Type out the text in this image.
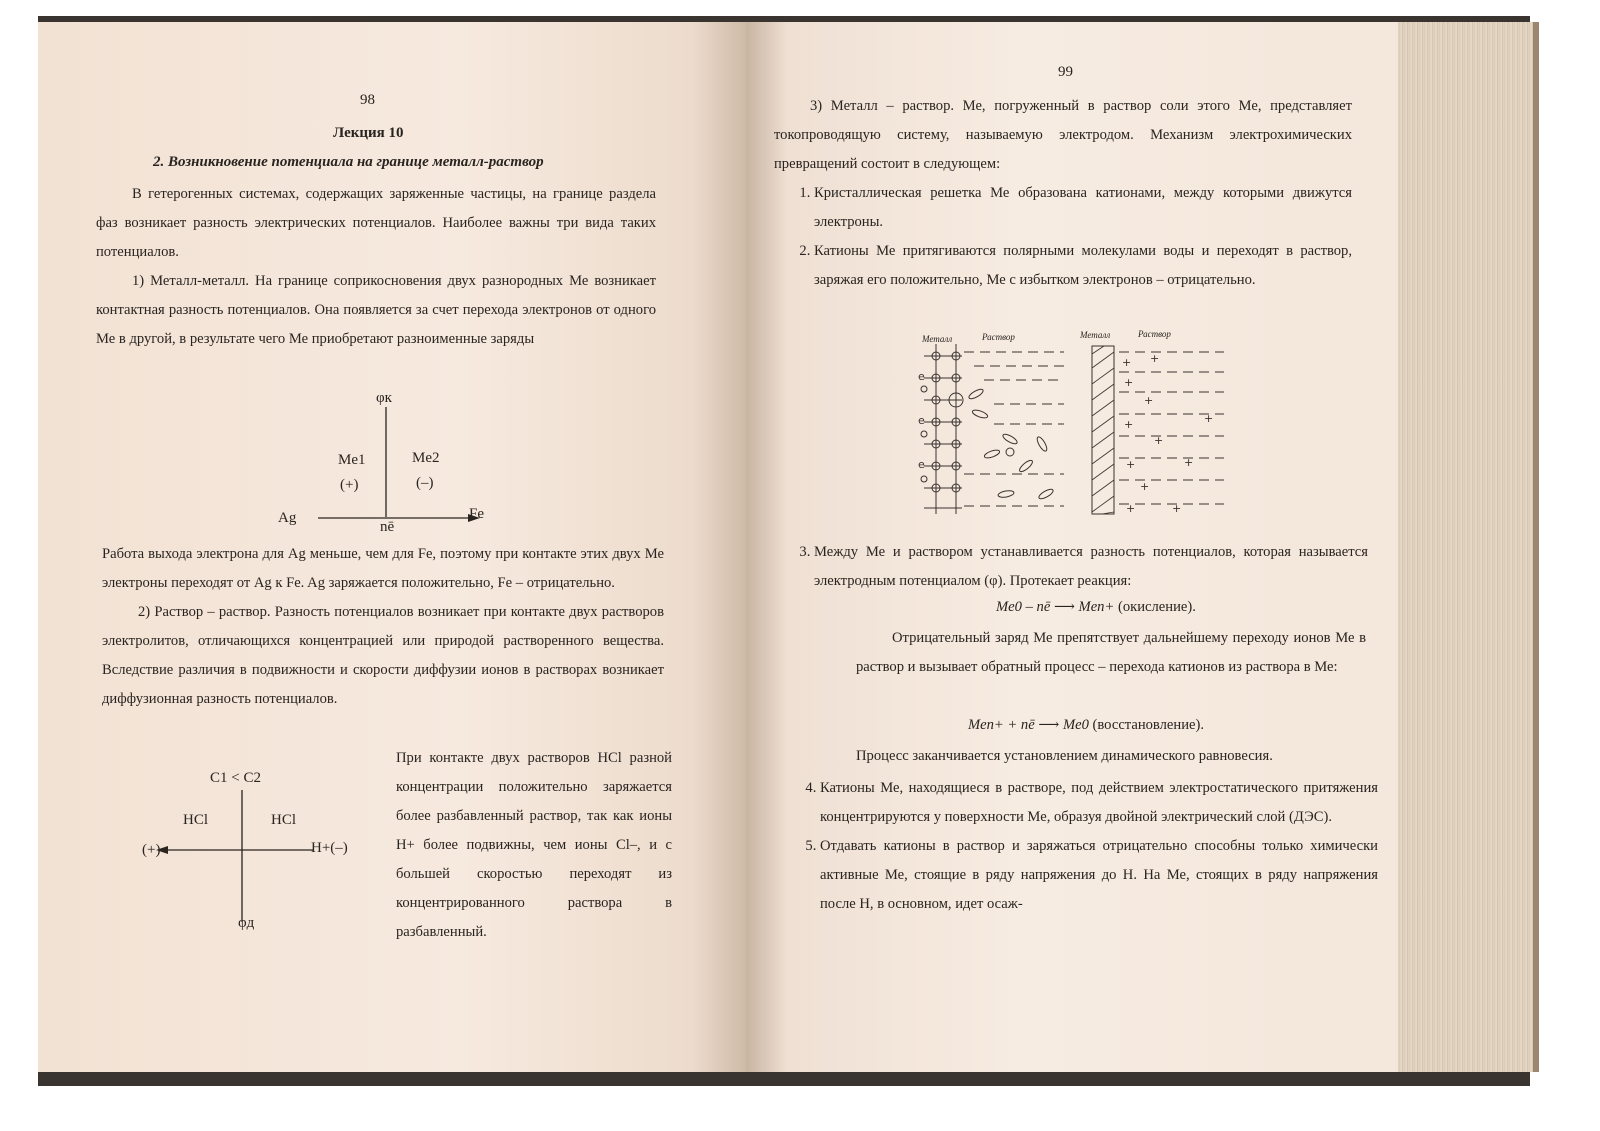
98
Лекция 10
2. Возникновение потенциала на границе металл-раствор

В гетерогенных системах, содержащих заряженные частицы, на границе раздела фаз возникает разность электрических потенциалов. Наиболее важны три вида таких потенциалов.

1) Металл-металл. На границе соприкосновения двух разнородных Ме возникает контактная разность потенциалов. Она появляется за счет перехода электронов от одного Ме в другой, в результате чего Ме приобретают разноименные заряды

φк
Me1
(+)
Me2
(–)
Ag	Fe
nē

Работа выхода электрона для Ag меньше, чем для Fe, поэтому при контакте этих двух Ме электроны переходят от Ag к Fe. Ag заряжается положительно, Fe – отрицательно.

2) Раствор – раствор. Разность потенциалов возникает при контакте двух растворов электролитов, отличающихся концентрацией или природой растворенного вещества. Вследствие различия в подвижности и скорости диффузии ионов в растворах возникает диффузионная разность потенциалов.

C1 < C2
HCl	HCl
(+)	H+(–)
φд

При контакте двух растворов HCl разной концентрации положительно заряжается более разбавленный раствор, так как ионы H+ более подвижны, чем ионы Cl–, и с большей скоростью переходят из концентрированного раствора в разбавленный.

99

3) Металл – раствор. Ме, погруженный в раствор соли этого Ме, представляет токопроводящую систему, называемую электродом. Механизм электрохимических превращений состоит в следующем:

1. Кристаллическая решетка Ме образована катионами, между которыми движутся электроны.
2. Катионы Ме притягиваются полярными молекулами воды и переходят в раствор, заряжая его положительно, Ме с избытком электронов – отрицательно.
Металл	Раствор	Металл	Раствор
+ +
+
+
+
+
+
+
+
+
+
+
e
e
e
3. Между Ме и раствором устанавливается разность потенциалов, которая называется электродным потенциалом (φ). Протекает реакция:
Me0 – nē ⟶ Men+ (окисление).

Отрицательный заряд Ме препятствует дальнейшему переходу ионов Ме в раствор и вызывает обратный процесс – перехода катионов из раствора в Ме:

Men+ + nē ⟶ Me0 (восстановление).

Процесс заканчивается установлением динамического равновесия.

4. Катионы Ме, находящиеся в растворе, под действием электростатического притяжения концентрируются у поверхности Ме, образуя двойной электрический слой (ДЭС).
5. Отдавать катионы в раствор и заряжаться отрицательно способны только химически активные Ме, стоящие в ряду напряжения до H. На Ме, стоящих в ряду напряжения после H, в основном, идет осаж-
